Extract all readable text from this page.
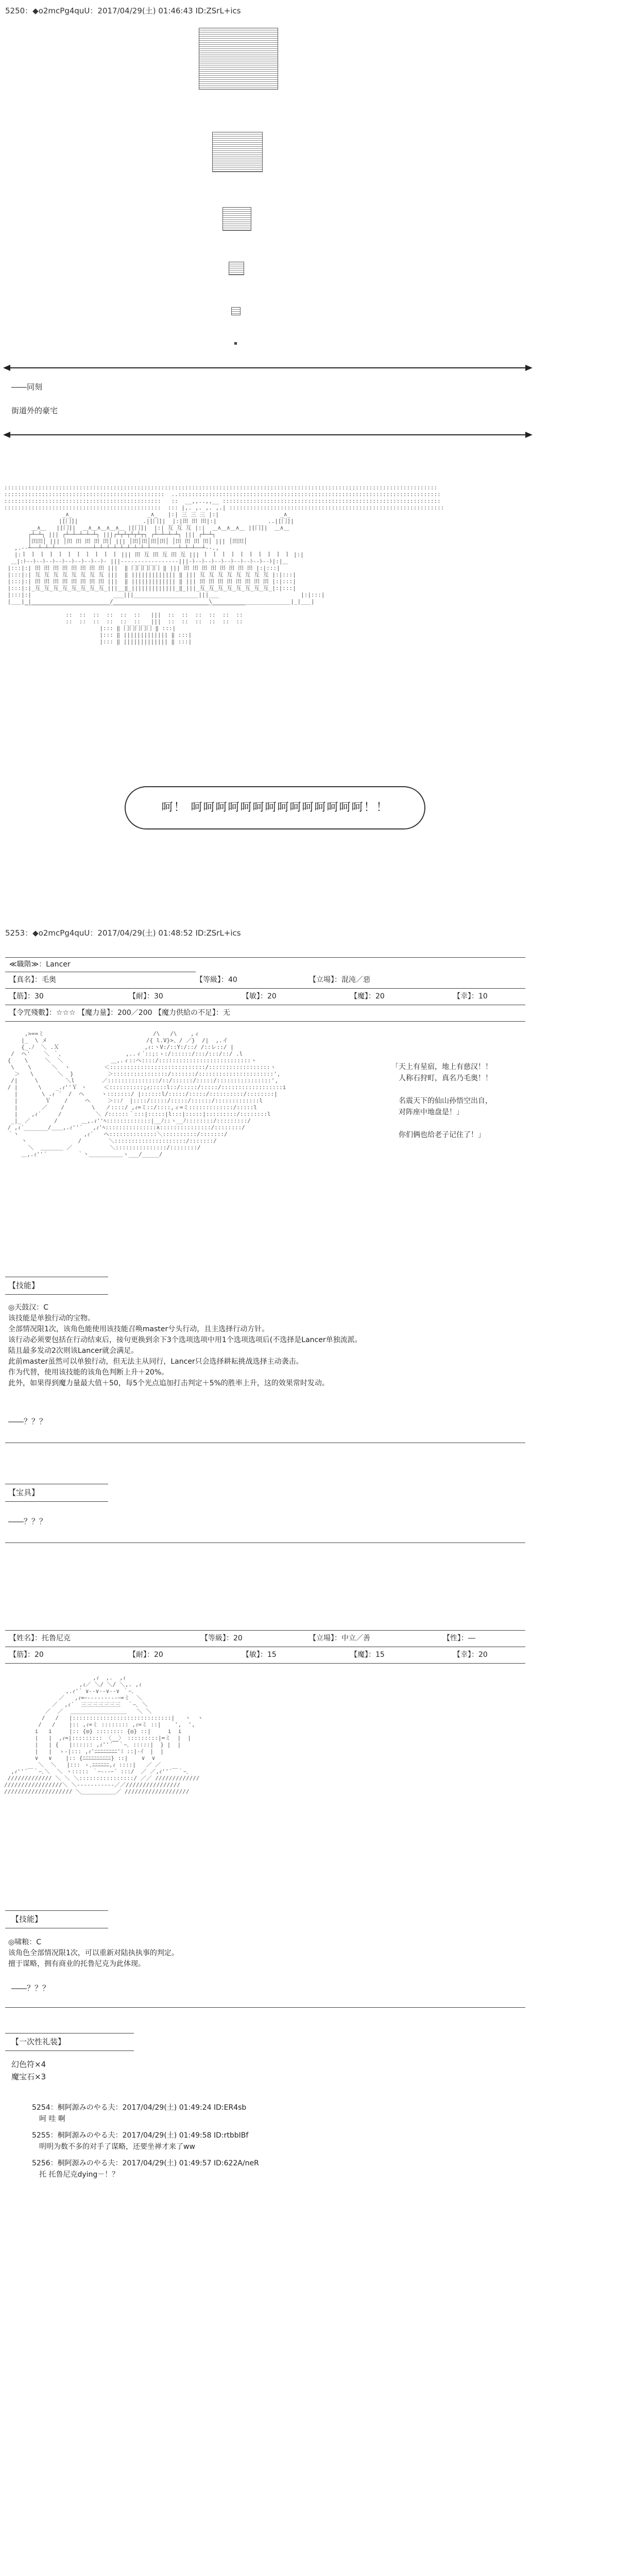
5250：◆o2mcPg4quU：2017/04/29(土) 01:46:43 ID:ZSrL+ics
――同刻
街道外的豪宅
:::::::::::::::::::::::::::::::::::::::::::::::::::::::::::::::::::::::::::::::::::::::::::::::::::::::::::::::::::::::::::::::
:::::::::::::::::::::::::::::::::::::::::::::::  ..:::::::::::::::::::::::::::::::::::::::::::::::::::::::::::::::::::::::::::::
::::::::::::::::::::::::::::::::::::::::::::::   ::  __,,..,,__ ::::::::::::::::::::::::::::::::::::::::::::::::::::::::::::::::
::::::::::::::::::::::::::::::::::::::::::::::  ::: |,. ,. ,. ,.| :::::::::::::::::::::::::::::::::::::::::::::::::::::::::::::::
_∧_                      _∧_   |:| 三 三 三 |:|                  _∧_
|[冂]|                   .|[冂]|  |:|田 田 田|:|               ..|[冂]|
＿∧＿   |[冂]|  ＿∧＿∧＿∧＿∧＿ |[冂]|  |:| 互 互 互 |:|  ＿∧＿∧＿∧＿ |[冂]|  ＿∧＿
┌┴─┴┐ ||| ┌┴─┴─┴─┴─┴┐ |||┌┴┬┴┬┴┬┴┬┐ ┌┴─┴─┴─┴┐ ||| ┌┴─┴┐
│田田│ ||| │田 田 田 田 田│ ||| │田│田│田│田│ │田 田 田 田│ ||| │田田│
,.-‐┴──┴─┴─┴───────────┴─┴─┴─┴─┴─┴─┴─┴─┴────────┴─┴─┴──┴‐-.,
|:ｌ ｌ ｌ ｌ ｌ ｌ ｌ ｌ ｌ ｌ ｌ ||| 田 互 田 互 田 互 ||| ｌ ｌ ｌ ｌ ｌ ｌ ｌ ｌ ｌ ｌ |:|
＿|:ﾄ--ﾄ--ﾄ--ﾄ--ﾄ--ﾄ--ﾄ--ﾄ--ﾄ- |||‐‐‐‐‐‐‐‐‐‐‐‐‐‐‐‐‐|||-ﾄ--ﾄ--ﾄ--ﾄ--ﾄ--ﾄ--ﾄ--ﾄ--ﾄ|:|＿
|:::|:| 田 田 田 田 田 田 田 田 |||  ‖ 冂冂冂冂冂 ‖ ||| 田 田 田 田 田 田 田 田 |:|:::|
|:::|:| 互 互 互 互 互 互 互 互 |||  ‖ ||||||||||||| ‖ ||| 互 互 互 互 互 互 互 互 |:|:::|
|:::|:| 田 田 田 田 田 田 田 田 |||  ‖ ||||||||||||| ‖ ||| 田 田 田 田 田 田 田 田 |:|:::|
|:::|:|_互_互_互_互_互_互_互_互_|||__‖_|||||||||||||_‖_|||_互_互_互_互_互_互_互_互_|:|:::|
|:::|:|                        ___|||___________________|||___                        |:|:::|
|___|_|_______________________/____________________________\_______________________|_|___|
￣￣￣￣￣￣￣￣￣￣￣￣￣￣￣￣￣￣￣￣￣￣￣￣￣￣￣￣￣￣￣￣￣￣￣￣￣￣￣
::  ::  ::  ::  ::  ::   |||  ::  ::  ::  ::  ::  ::
::  ::  ::  ::  ::  ::   |||  ::  ::  ::  ::  ::  ::
|::: ‖ 冂冂冂冂冂 ‖ :::|
|::: ‖ ||||||||||||| ‖ :::|
|::: ‖ ||||||||||||| ‖ :::|
呵！ 呵呵呵呵呵呵呵呵呵呵呵呵呵呵！！
5253：◆o2mcPg4quU：2017/04/29(土) 01:48:52 ID:ZSrL+ics
≪職階≫：Lancer
【真名】：毛奥	【等級】：40	【立場】：混沌／惡
【筋】：30	【耐】：30	【敏】：20	【魔】：20	【幸】：10
【令咒殘數】：☆☆☆ 【魔力量】：200／200 【魔力供給の不足】：无
,>==ミ                                /\   /\    ,ィ
|_  \ メ                             /{ l.V}>、/ ／}  /|  ,.イ
{_.ﾉ  ＼ .Ｘ                         ,ｨ:ヽV:/::Y:/::/ /::レ::/ |
/  ヘ'    ＼ ｀、                  ,..ィ´::;:ゝ:/::::::/:::/:::/::/ .l
{    \     ＼  ＼              ＿,.ィ::ヘ::::/:::::::::::::::::::::::::::ヽ
\    \      ＼  ヽ          ＜::::::::::::::::::::::::::::/::::::::::::::::::ヽ
＞   \       ＼  }          ＞::::::::::::::::/:::::::/::::::::::::::::::::::',
/|     \        ＼l        ／:::::::::::::::/::/::::::/:::::/::::::::::::::::',
/ |      \    _.ｨ''Ｙ ヽ     ＜::::::::::;ｨ:::::l::/:::::/:::::/::::::::::::::::::i
|       \ .ｨ ´  /  ヘ     ヽ:::::::/ |::::::l/:::::/:::::/::::::::::/::::::::|
|        Ｙ    /     ヘ     ＞::ﾉ  |::::/:::::/:::::/::::::/:::::::::::::l
|       ／    /        \   ノ::::/ ,ｨ=ミ::/::::,ィ=ミ:::::::::::::/:::::l
|    ,ｨ´     /          ＼ /::::::｀:::|:::::|l:::|:::::|:::::::::/::::::::l
_|_ ／       /       ＿,.ｨ''ﾍ:::::::::::::|__ﾉ::ヽ__ﾉ::::::::/:::::::::/
/ ,ｨ´_______/＿＿,.ｨ''´   ,ｨ'ﾍ:::::::::::::::∧:::::::::::::::/::::::::/
｀丶                   ,ｨ´   ヘ::::::::::::::＼::::::::::/:::::::/
丶               /        ＼:::::::::::::::::::::/:::::::/
＼  ＿＿＿＿ ／           ＼:::::::::::::::/::::::::/
＿,.ｨ''´         ｀丶＿＿＿＿＿＿ヽ___/_____/
「天上有星宿，地上有慈汉！！
　人称石狩町，真名乃毛奥！！

　名震天下的仙山孙悟空出自，
　对阵座中地盘是！」

　你们俩也给老子记住了！」
【技能】
◎天鼓汉：C
该技能是单独行动的宝物。
全部情况限1次，该角色能使用该技能召唤master兮头行动，且主选择行动方针。
该行动必须要包括在行动结束后，接句更换到余下3个选项选项中用1个选项选项后(不选择是Lancer单独流派。
陆且最多发动2次则该Lancer就会满足。
此前master虽然可以单独行动，但无法主从同行，Lancer只会选择耕耘挑战选择主动袭击。
作为代替，使用该技能的该角色判断上升＋20%。
此外，如果得到魔力量最大值＋50，每5个光点追加打击判定＋5%的胜率上升，这的效果常时发动。
――？？？
【宝具】
――？？？
【姓名】：托鲁尼克	【等級】：20	【立場】：中立／善	【性】：―
【筋】：20	【耐】：20	【敏】：15	【魔】：15	【幸】：20
,ｨ  ,.  ,ｨ
,ｨ／ ＼/ ＼/ ＼,. ,ｨ
,.ｨ'´ ∨‐‐∨‐‐∨‐‐∨ ｀ｰ､
／   ,ｨ=ｰ‐‐‐‐‐‐‐‐‐ｰ=ミ  ＼
／  ,ｨ´  三三三三三三三  ｀ｰ､ ＼
／  ／  ＿＿＿＿＿＿＿＿＿＿   ＼ ＼
/   /   |:::::::::::::::::::::::::::::|   ヽ  ヽ
/   /    |:: ,ｨ=ミ :::::::: ,ｨ=ミ ::|    ',  ',
i   i     |:: {◎} :::::::: {◎} ::|     i  i
|   |  ,ｨ=|::::::::: 〈__〉 :::::::::|=ミ  |  |
|   | {   |:::::: ,ｨ''´￣｀ｰ､ :::::|  } |  |
|   |  ゝ-|::: ,ｨ'ﾆﾆﾆﾆﾆﾆﾆﾆ'ﾐ ::|-ｲ  |  |
∨   ∨    |:: {ﾆﾆﾆﾆﾆﾆﾆﾆﾆﾆ} ::|    ∨  ∨
＼  ＼   |::: ゝ､ﾆﾆﾆﾆﾆﾆ,ｨ ::::|   ／ ／
,ｨ''´￣｀ｰ､＼  ＼ ヽ::::: ｀ｰ‐‐‐ｰ´ :::/  ／ ／,ｨ''´￣｀ｰ､
///////////// ＼ ＼ ＼::::::::::::::::/ ／／ /////////////
/////////////////＼ ＼‐‐‐‐‐‐‐‐‐‐‐／／////////////////
//////////////////// ＼＿＿＿＿＿＿／ ///////////////////
【技能】
◎啸粮：C
该角色全部情况限1次，可以重新对陆执执事的判定。
擅于谋略，拥有商业的托鲁尼克为此体现。
――？？？
【一次性礼装】
幻色符×4
魔宝石×3
5254：桐阿源みのやる夫：2017/04/29(土) 01:49:24 ID:ER4sb
　呵 哇 啊
5255：桐阿源みのやる夫：2017/04/29(土) 01:49:58 ID:rtbbIBf
　明明为数不多的对手了谋略，还要坐禅才来了ww
5256：桐阿源みのやる夫：2017/04/29(土) 01:49:57 ID:622A/neR
　托 托鲁尼克dying－！？
